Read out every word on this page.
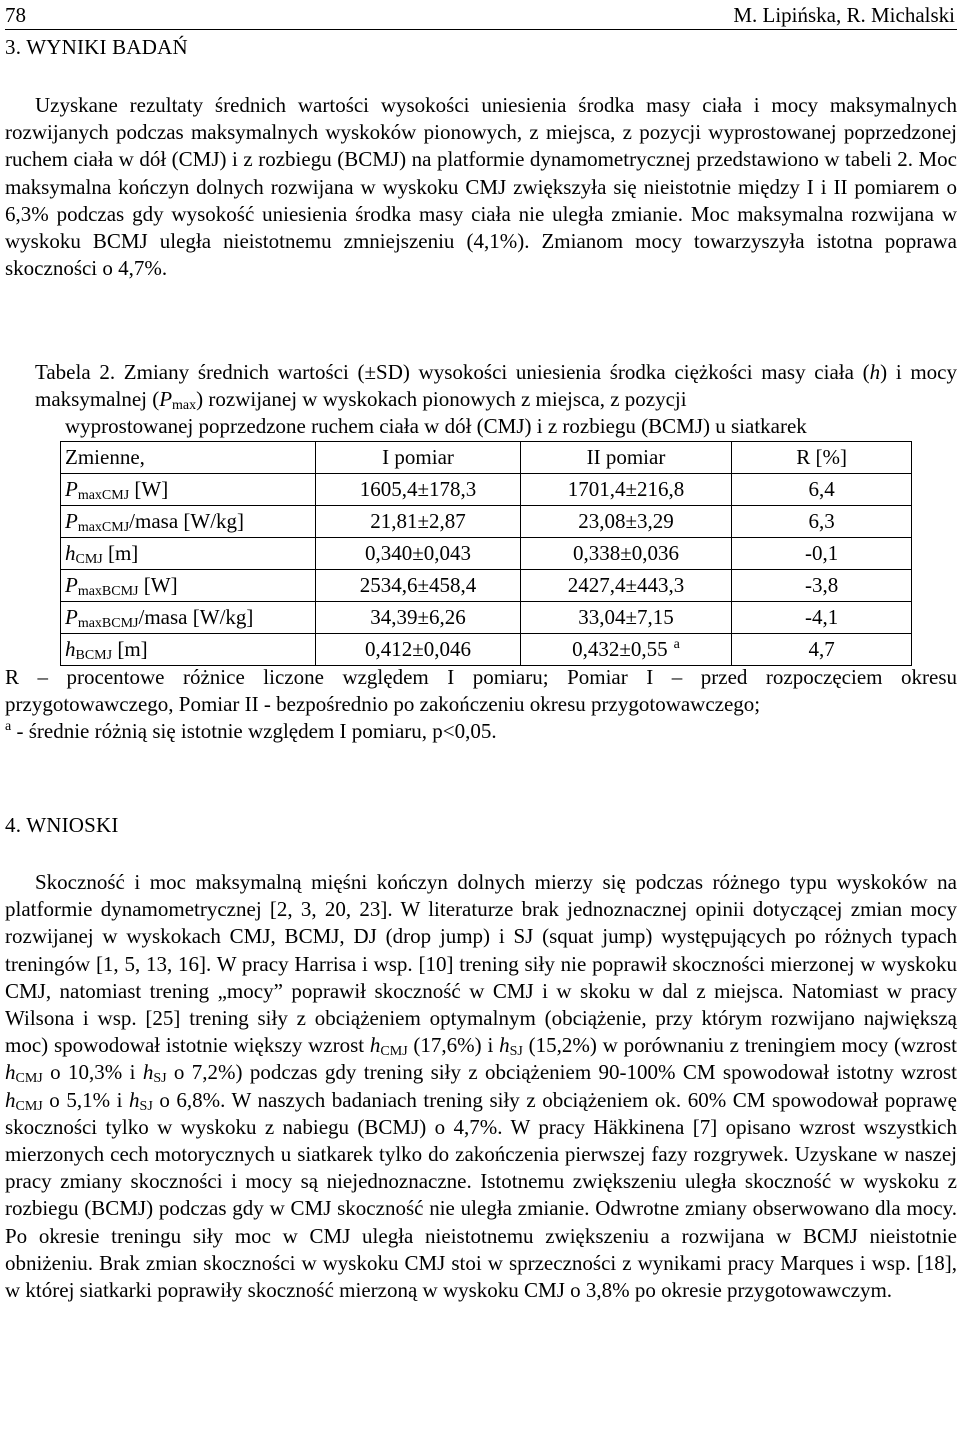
78	M. Lipińska, R. Michalski
3. WYNIKI BADAŃ
Uzyskane rezultaty średnich wartości wysokości uniesienia środka masy ciała i mocy maksymalnych rozwijanych podczas maksymalnych wyskoków pionowych, z miejsca, z pozycji wyprostowanej poprzedzonej ruchem ciała w dół (CMJ) i z rozbiegu (BCMJ) na platformie dynamometrycznej przedstawiono w tabeli 2. Moc maksymalna kończyn dolnych rozwijana w wyskoku CMJ zwiększyła się nieistotnie między I i II pomiarem o 6,3% podczas gdy wysokość uniesienia środka masy ciała nie uległa zmianie. Moc maksymalna rozwijana w wyskoku BCMJ uległa nieistotnemu zmniejszeniu (4,1%). Zmianom mocy towarzyszyła istotna poprawa skoczności o 4,7%.
Tabela 2. Zmiany średnich wartości (±SD) wysokości uniesienia środka ciężkości masy ciała (h) i mocy maksymalnej $(P_{max})$ rozwijanej w wyskokach pionowych z miejsca, z pozycji
wyprostowanej poprzedzone ruchem ciała w dół (CMJ) i z rozbiegu (BCMJ) u siatkarek
Zmienne,	I pomiar	II pomiar	R [%]
$P_{maxCMJ}$ [W]	1605,4±178,3	1701,4±216,8	6,4
$P_{maxCMJ}$/masa [W/kg]	21,81±2,87	23,08±3,29	6,3
$h_{CMJ}$ [m]	0,340±0,043	0,338±0,036	-0,1
$P_{maxBCMJ}$ [W]	2534,6±458,4	2427,4±443,3	-3,8
$P_{maxBCMJ}$/masa [W/kg]	34,39±6,26	33,04±7,15	-4,1
$h_{BCMJ}$ [m]	0,412±0,046	0,432±0,55 $^a$	4,7
R – procentowe różnice liczone względem I pomiaru; Pomiar I – przed rozpoczęciem okresu przygotowawczego, Pomiar II - bezpośrednio po zakończeniu okresu przygotowawczego;
$^a$ - średnie różnią się istotnie względem I pomiaru, p<0,05.
4. WNIOSKI
Skoczność i moc maksymalną mięśni kończyn dolnych mierzy się podczas różnego typu wyskoków na platformie dynamometrycznej [2, 3, 20, 23]. W literaturze brak jednoznacznej opinii dotyczącej zmian mocy rozwijanej w wyskokach CMJ, BCMJ, DJ (drop jump) i SJ (squat jump) występujących po różnych typach treningów [1, 5, 13, 16]. W pracy Harrisa i wsp. [10] trening siły nie poprawił skoczności mierzonej w wyskoku CMJ, natomiast trening „mocy” poprawił skoczność w CMJ i w skoku w dal z miejsca. Natomiast w pracy Wilsona i wsp. [25] trening siły z obciążeniem optymalnym (obciążenie, przy którym rozwijano największą moc) spowodował istotnie większy wzrost $h_{CMJ}$ (17,6%) i $h_{SJ}$ (15,2%) w porównaniu z treningiem mocy (wzrost $h_{CMJ}$ o 10,3% i $h_{SJ}$ o 7,2%) podczas gdy trening siły z obciążeniem 90-100% CM spowodował istotny wzrost $h_{CMJ}$ o 5,1% i $h_{SJ}$ o 6,8%. W naszych badaniach trening siły z obciążeniem ok. 60% CM spowodował poprawę skoczności tylko w wyskoku z nabiegu (BCMJ) o 4,7%. W pracy Häkkinena [7] opisano wzrost wszystkich mierzonych cech motorycznych u siatkarek tylko do zakończenia pierwszej fazy rozgrywek. Uzyskane w naszej pracy zmiany skoczności i mocy są niejednoznaczne. Istotnemu zwiększeniu uległa skoczność w wyskoku z rozbiegu (BCMJ) podczas gdy w CMJ skoczność nie uległa zmianie. Odwrotne zmiany obserwowano dla mocy. Po okresie treningu siły moc w CMJ uległa nieistotnemu zwiększeniu a rozwijana w BCMJ nieistotnie obniżeniu. Brak zmian skoczności w wyskoku CMJ stoi w sprzeczności z wynikami pracy Marques i wsp. [18], w której siatkarki poprawiły skoczność mierzoną w wyskoku CMJ o 3,8% po okresie przygotowawczym.
